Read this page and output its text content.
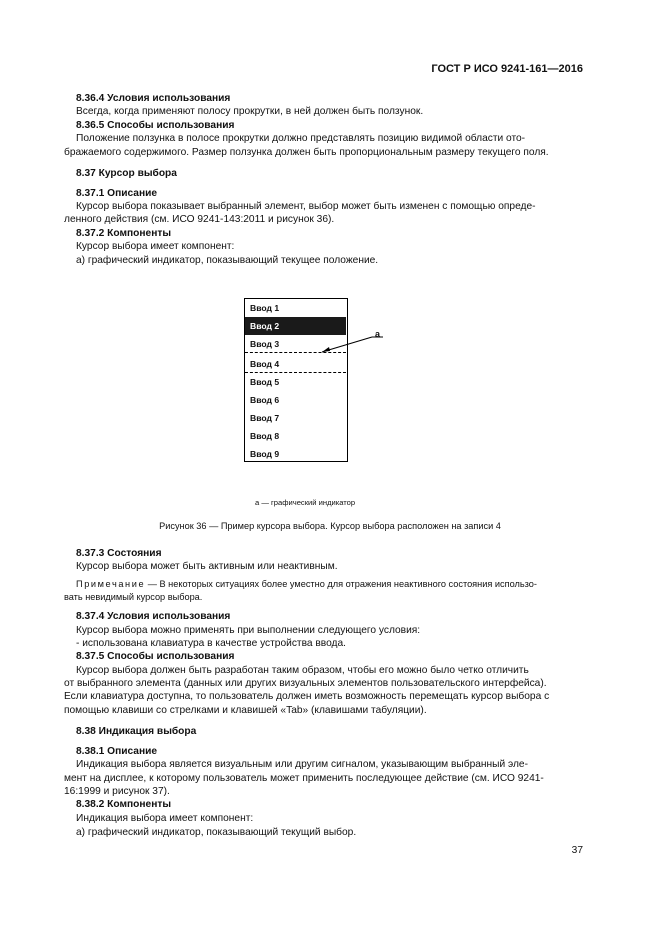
ГОСТ Р ИСО 9241-161—2016
8.36.4 Условия использования
Всегда, когда применяют полосу прокрутки, в ней должен быть ползунок.
8.36.5 Способы использования
Положение ползунка в полосе прокрутки должно представлять позицию видимой области ото-
бражаемого содержимого. Размер ползунка должен быть пропорциональным размеру текущего поля.
8.37 Курсор выбора
8.37.1 Описание
Курсор выбора показывает выбранный элемент, выбор может быть изменен с помощью опреде-
ленного действия (см. ИСО 9241-143:2011 и рисунок 36).
8.37.2 Компоненты
Курсор выбора имеет компонент:
а) графический индикатор, показывающий текущее положение.
Ввод 1
Ввод 2
Ввод 3
Ввод 4
Ввод 5
Ввод 6
Ввод 7
Ввод 8
Ввод 9
а
а — графический индикатор
Рисунок 36 — Пример курсора выбора. Курсор выбора расположен на записи 4
8.37.3 Состояния
Курсор выбора может быть активным или неактивным.
Примечание — В некоторых ситуациях более уместно для отражения неактивного состояния использо-
вать невидимый курсор выбора.
8.37.4 Условия использования
Курсор выбора можно применять при выполнении следующего условия:
- использована клавиатура в качестве устройства ввода.
8.37.5 Способы использования
Курсор выбора должен быть разработан таким образом, чтобы его можно было четко отличить
от выбранного элемента (данных или других визуальных элементов пользовательского интерфейса).
Если клавиатура доступна, то пользователь должен иметь возможность перемещать курсор выбора с
помощью клавиши со стрелками и клавишей «Tab» (клавишами табуляции).
8.38 Индикация выбора
8.38.1 Описание
Индикация выбора является визуальным или другим сигналом, указывающим выбранный эле-
мент на дисплее, к которому пользователь может применить последующее действие (см. ИСО 9241-
16:1999 и рисунок 37).
8.38.2 Компоненты
Индикация выбора имеет компонент:
а) графический индикатор, показывающий текущий выбор.
37
